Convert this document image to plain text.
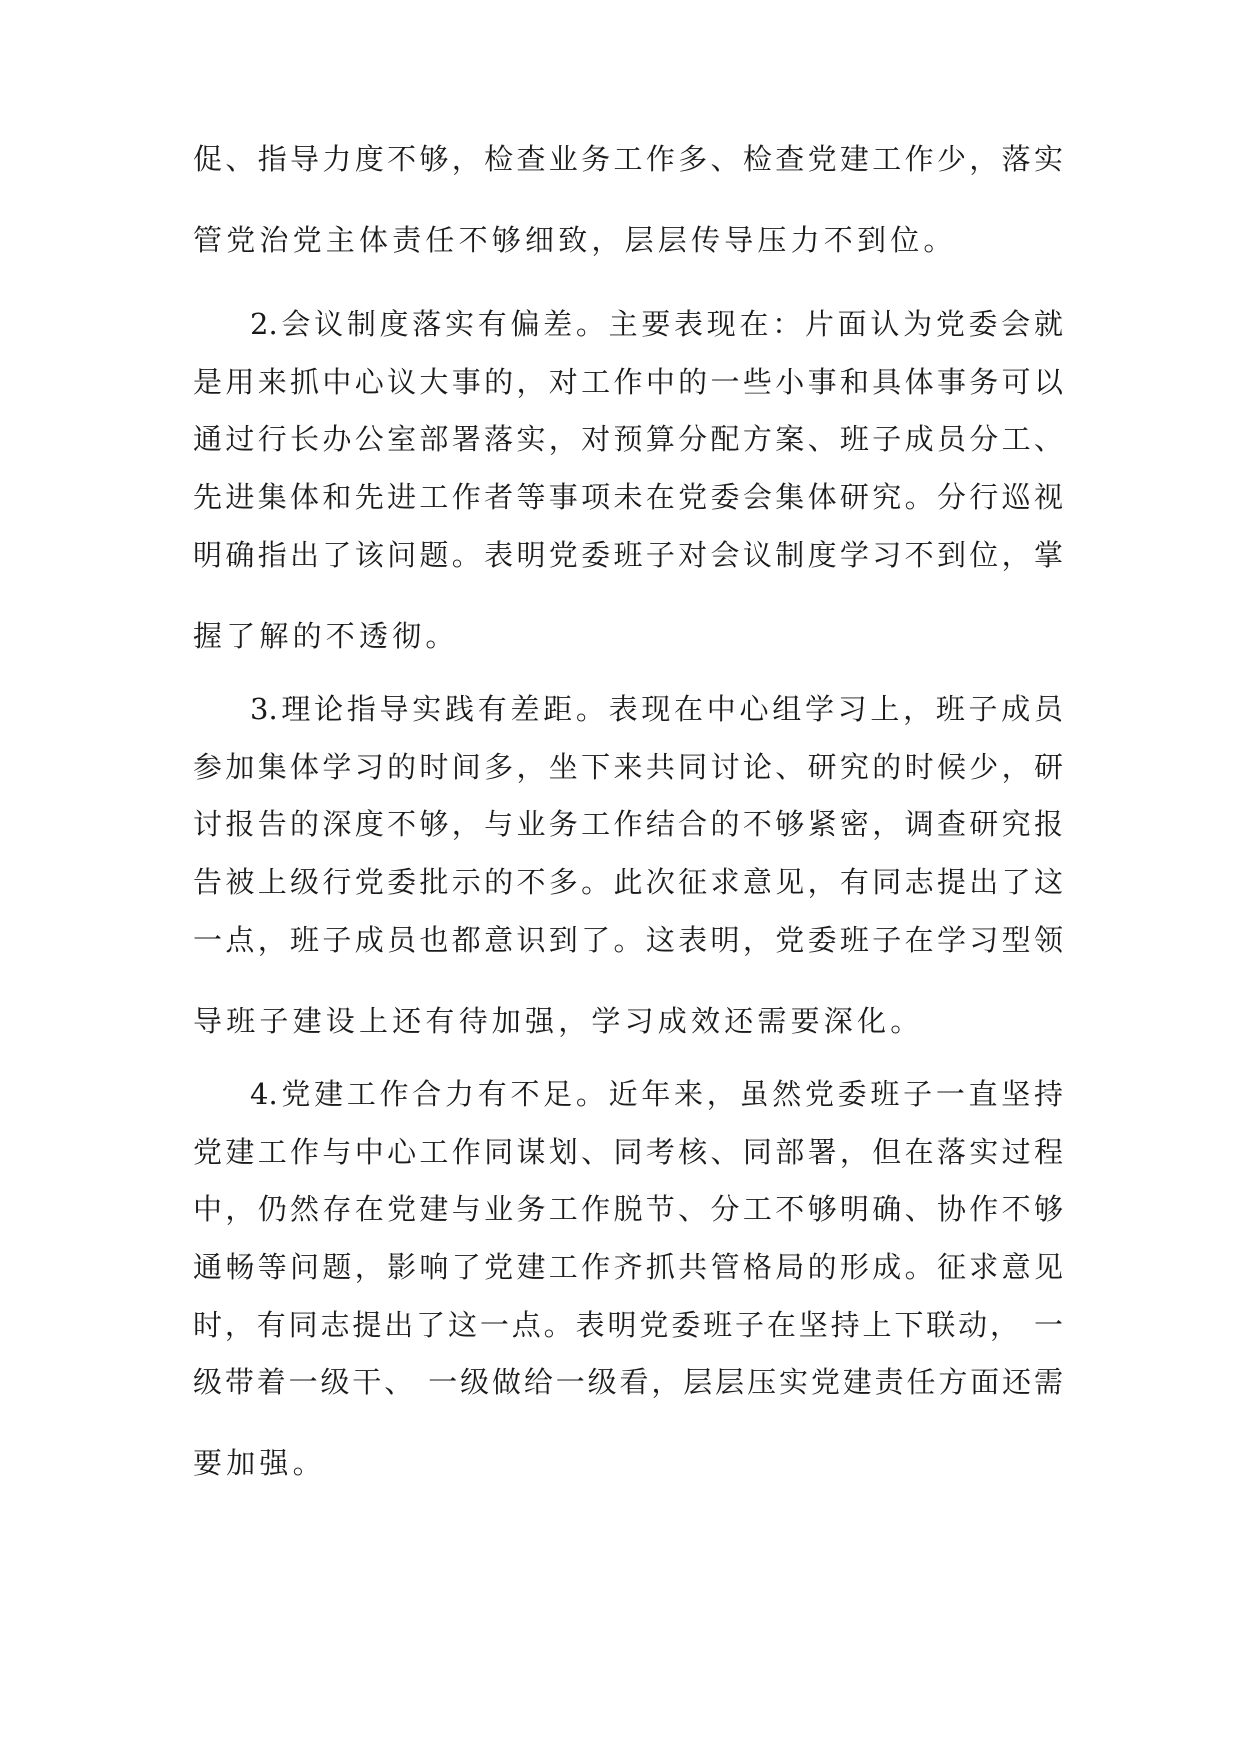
促、指导力度不够，检查业务工作多、检查党建工作少，落实
管党治党主体责任不够细致，层层传导压力不到位。
2.会议制度落实有偏差。主要表现在：片面认为党委会就
是用来抓中心议大事的，对工作中的一些小事和具体事务可以
通过行长办公室部署落实，对预算分配方案、班子成员分工、
先进集体和先进工作者等事项未在党委会集体研究。分行巡视
明确指出了该问题。表明党委班子对会议制度学习不到位，掌
握了解的不透彻。
3.理论指导实践有差距。表现在中心组学习上，班子成员
参加集体学习的时间多，坐下来共同讨论、研究的时候少，研
讨报告的深度不够，与业务工作结合的不够紧密，调查研究报
告被上级行党委批示的不多。此次征求意见，有同志提出了这
一点，班子成员也都意识到了。这表明，党委班子在学习型领
导班子建设上还有待加强，学习成效还需要深化。
4.党建工作合力有不足。近年来，虽然党委班子一直坚持
党建工作与中心工作同谋划、同考核、同部署，但在落实过程
中，仍然存在党建与业务工作脱节、分工不够明确、协作不够
通畅等问题，影响了党建工作齐抓共管格局的形成。征求意见
时，有同志提出了这一点。表明党委班子在坚持上下联动， 一
级带着一级干、 一级做给一级看，层层压实党建责任方面还需
要加强。
